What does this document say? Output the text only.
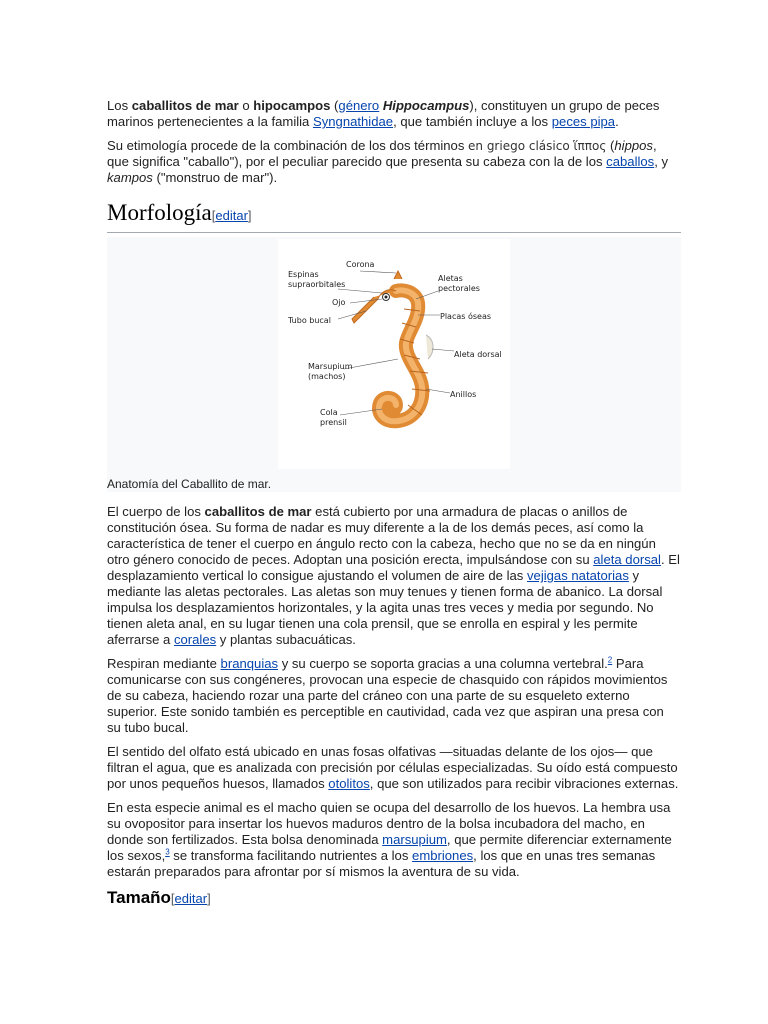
Los caballitos de mar o hipocampos (género Hippocampus), constituyen un grupo de peces marinos pertenecientes a la familia Syngnathidae, que también incluye a los peces pipa.

Su etimología procede de la combinación de los dos términos en griego clásico ἵππος (hippos, que significa "caballo"), por el peculiar parecido que presenta su cabeza con la de los caballos, y kampos ("monstruo de mar").

Morfología[editar]
Corona
Espinas
supraorbitales
Ojo
Tubo bucal
Aletas
pectorales
Placas óseas
Aleta dorsal
Marsupium
(machos)
Anillos
Cola
prensil
Anatomía del Caballito de mar.

El cuerpo de los caballitos de mar está cubierto por una armadura de placas o anillos de constitución ósea. Su forma de nadar es muy diferente a la de los demás peces, así como la característica de tener el cuerpo en ángulo recto con la cabeza, hecho que no se da en ningún otro género conocido de peces. Adoptan una posición erecta, impulsándose con su aleta dorsal. El desplazamiento vertical lo consigue ajustando el volumen de aire de las vejigas natatorias y mediante las aletas pectorales. Las aletas son muy tenues y tienen forma de abanico. La dorsal impulsa los desplazamientos horizontales, y la agita unas tres veces y media por segundo. No tienen aleta anal, en su lugar tienen una cola prensil, que se enrolla en espiral y les permite aferrarse a corales y plantas subacuáticas.

Respiran mediante branquias y su cuerpo se soporta gracias a una columna vertebral.$^2$ Para comunicarse con sus congéneres, provocan una especie de chasquido con rápidos movimientos de su cabeza, haciendo rozar una parte del cráneo con una parte de su esqueleto externo superior. Este sonido también es perceptible en cautividad, cada vez que aspiran una presa con su tubo bucal.

El sentido del olfato está ubicado en unas fosas olfativas —situadas delante de los ojos— que filtran el agua, que es analizada con precisión por células especializadas. Su oído está compuesto por unos pequeños huesos, llamados otolitos, que son utilizados para recibir vibraciones externas.

En esta especie animal es el macho quien se ocupa del desarrollo de los huevos. La hembra usa su ovopositor para insertar los huevos maduros dentro de la bolsa incubadora del macho, en donde son fertilizados. Esta bolsa denominada marsupium, que permite diferenciar externamente los sexos,$^3$ se transforma facilitando nutrientes a los embriones, los que en unas tres semanas estarán preparados para afrontar por sí mismos la aventura de su vida.

Tamaño[editar]
